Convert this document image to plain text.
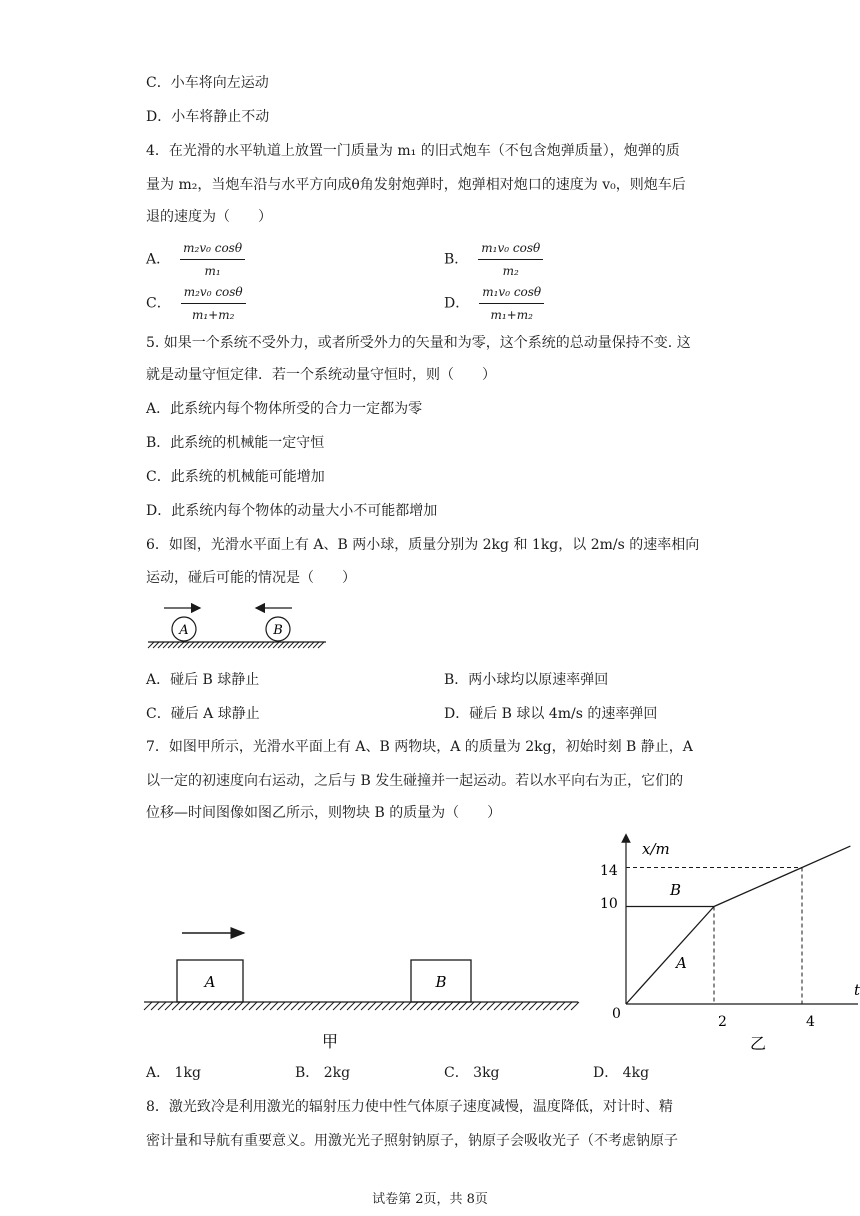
C．小车将向左运动
D．小车将静止不动
4．在光滑的水平轨道上放置一门质量为 m₁ 的旧式炮车（不包含炮弹质量），炮弹的质
量为 m₂，当炮车沿与水平方向成θ角发射炮弹时，炮弹相对炮口的速度为 v₀，则炮车后
退的速度为（　　）
A． $\frac{\text{m₂v₀ cosθ}}{\text{m₁}}$	B． $\frac{\text{m₁v₀ cosθ}}{\text{m₂}}$
C． $\frac{\text{m₂v₀ cosθ}}{\text{m₁+m₂}}$	D． $\frac{\text{m₁v₀ cosθ}}{\text{m₁+m₂}}$
5. 如果一个系统不受外力，或者所受外力的矢量和为零，这个系统的总动量保持不变. 这
就是动量守恒定律．若一个系统动量守恒时，则（　　）
A．此系统内每个物体所受的合力一定都为零
B．此系统的机械能一定守恒
C．此系统的机械能可能增加
D．此系统内每个物体的动量大小不可能都增加
6．如图，光滑水平面上有 A、B 两小球，质量分别为 2kg 和 1kg，以 2m/s 的速率相向
运动，碰后可能的情况是（　　）
A	B
A．碰后 B 球静止	B．两小球均以原速率弹回
C．碰后 A 球静止	D．碰后 B 球以 4m/s 的速率弹回
7．如图甲所示，光滑水平面上有 A、B 两物块，A 的质量为 2kg，初始时刻 B 静止，A
以一定的初速度向右运动，之后与 B 发生碰撞并一起运动。若以水平向右为正，它们的
位移—时间图像如图乙所示，则物块 B 的质量为（　　）
A	B
甲
x/m
t
0
14
10
2	4
A
B
乙
A． 1kg	B． 2kg	C． 3kg	D． 4kg
8．激光致冷是利用激光的辐射压力使中性气体原子速度减慢，温度降低，对计时、精
密计量和导航有重要意义。用激光光子照射钠原子，钠原子会吸收光子（不考虑钠原子
试卷第 2页，共 8页
